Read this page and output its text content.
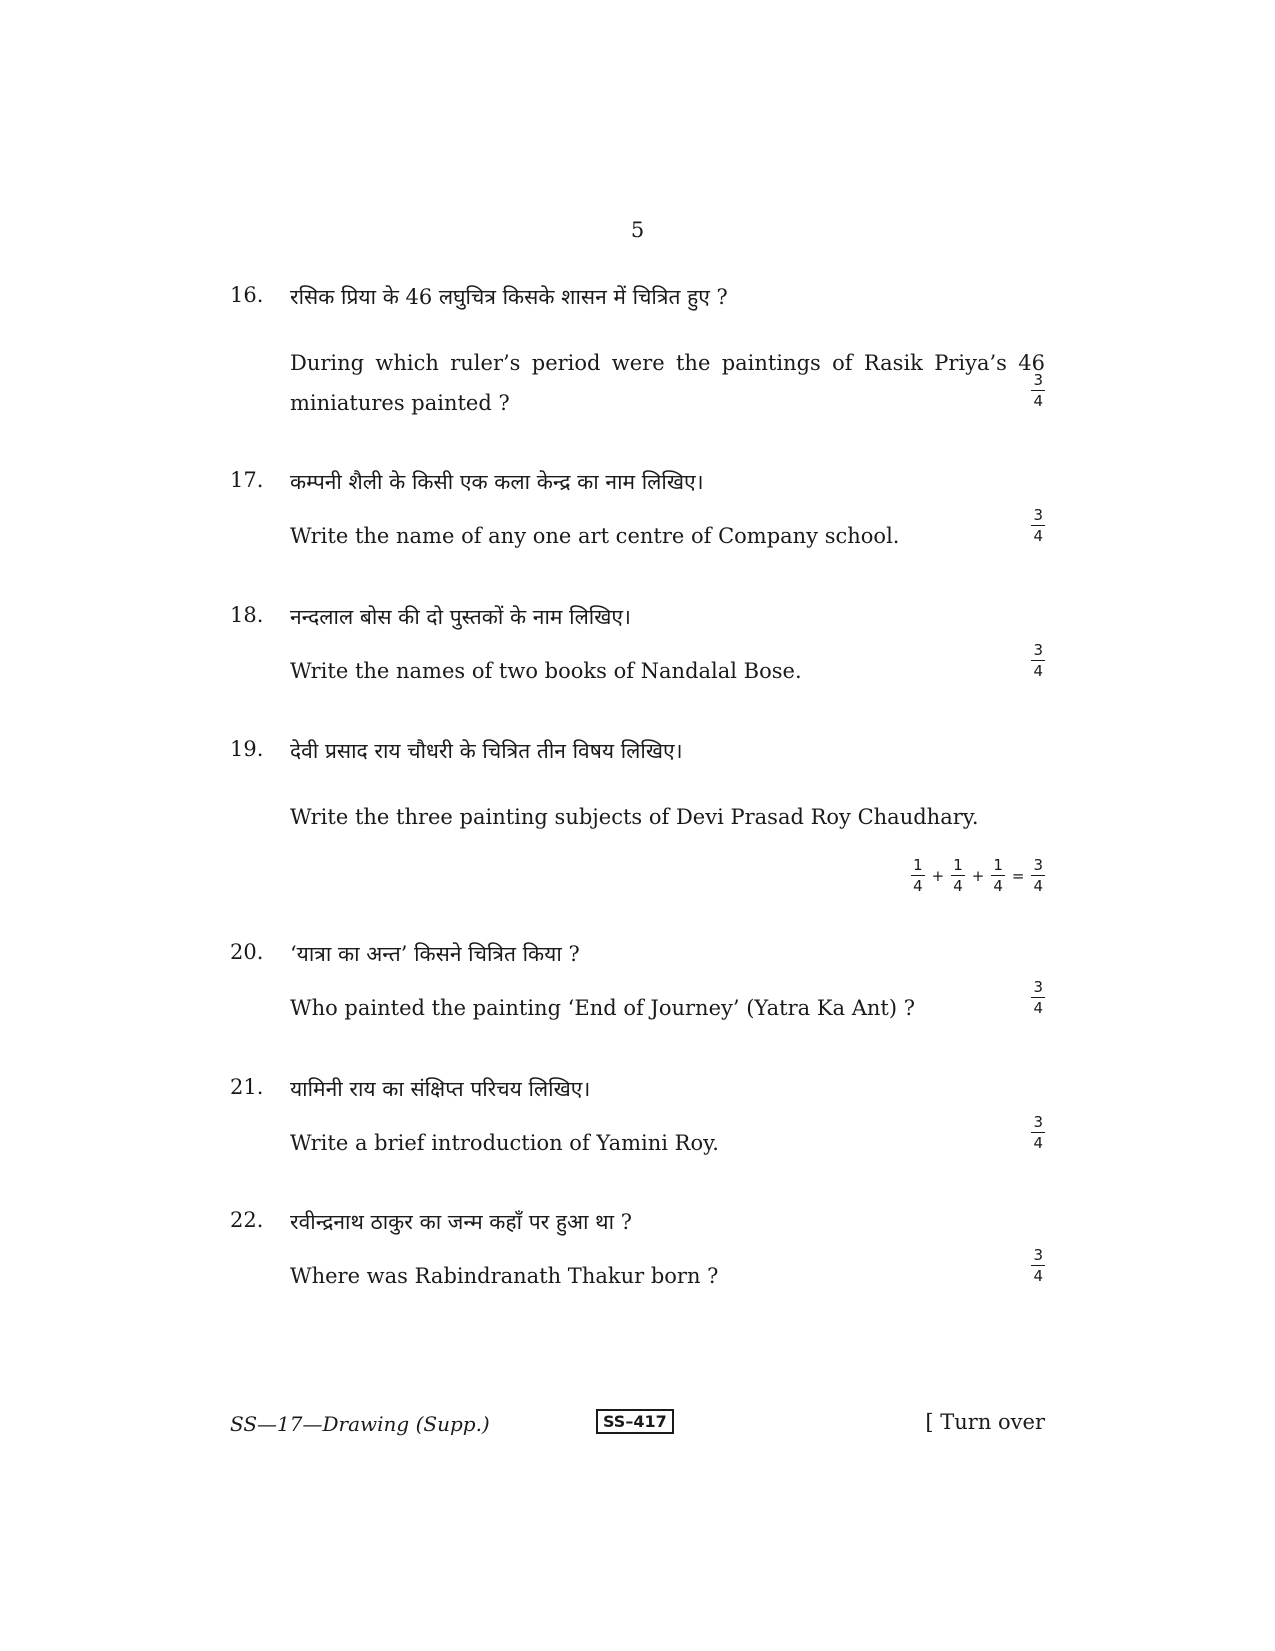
5
16. रसिक प्रिया के 46 लघुचित्र किसके शासन में चित्रित हुए ?
During which ruler’s period were the paintings of Rasik Priya’s 46 miniatures painted ?	$\frac{3}{4}$
17. कम्पनी शैली के किसी एक कला केन्द्र का नाम लिखिए।
Write the name of any one art centre of Company school.	$\frac{3}{4}$
18. नन्दलाल बोस की दो पुस्तकों के नाम लिखिए।
Write the names of two books of Nandalal Bose.	$\frac{3}{4}$
19. देवी प्रसाद राय चौधरी के चित्रित तीन विषय लिखिए।
Write the three painting subjects of Devi Prasad Roy Chaudhary.
$\frac{1}{4} + \frac{1}{4} + \frac{1}{4} = \frac{3}{4}$
20. ‘यात्रा का अन्त’ किसने चित्रित किया ?
Who painted the painting ‘End of Journey’ (Yatra Ka Ant) ?	$\frac{3}{4}$
21. यामिनी राय का संक्षिप्त परिचय लिखिए।
Write a brief introduction of Yamini Roy.	$\frac{3}{4}$
22. रवीन्द्रनाथ ठाकुर का जन्म कहाँ पर हुआ था ?
Where was Rabindranath Thakur born ?	$\frac{3}{4}$
SS—17—Drawing (Supp.)	SS–417	[ Turn over
